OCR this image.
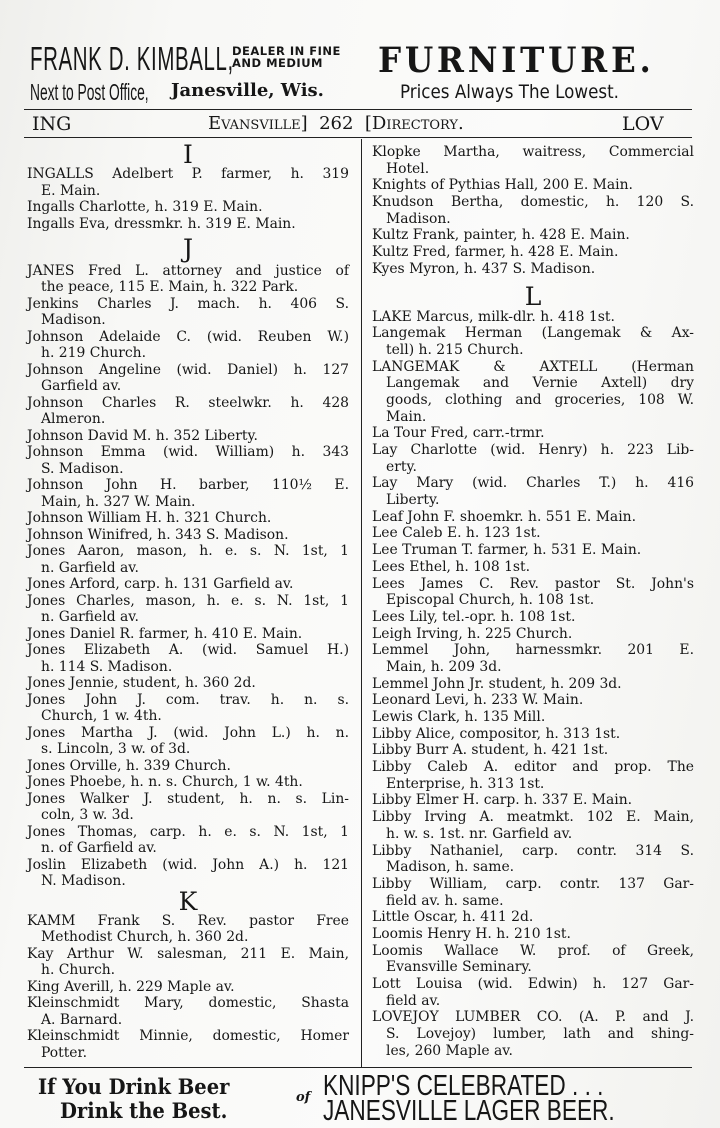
FRANK D. KIMBALL,
DEALER IN FINE
AND MEDIUM	FURNITURE.
Next to Post Office, Janesville, Wis.	Prices Always The Lowest.
ING	Evansville] 262 [Directory.	LOV
I
INGALLS Adelbert P. farmer, h. 319
E. Main.
Ingalls Charlotte, h. 319 E. Main.
Ingalls Eva, dressmkr. h. 319 E. Main.
J
JANES Fred L. attorney and justice of
the peace, 115 E. Main, h. 322 Park.
Jenkins Charles J. mach. h. 406 S.
Madison.
Johnson Adelaide C. (wid. Reuben W.)
h. 219 Church.
Johnson Angeline (wid. Daniel) h. 127
Garfield av.
Johnson Charles R. steelwkr. h. 428
Almeron.
Johnson David M. h. 352 Liberty.
Johnson Emma (wid. William) h. 343
S. Madison.
Johnson John H. barber, 110½ E.
Main, h. 327 W. Main.
Johnson William H. h. 321 Church.
Johnson Winifred, h. 343 S. Madison.
Jones Aaron, mason, h. e. s. N. 1st, 1
n. Garfield av.
Jones Arford, carp. h. 131 Garfield av.
Jones Charles, mason, h. e. s. N. 1st, 1
n. Garfield av.
Jones Daniel R. farmer, h. 410 E. Main.
Jones Elizabeth A. (wid. Samuel H.)
h. 114 S. Madison.
Jones Jennie, student, h. 360 2d.
Jones John J. com. trav. h. n. s.
Church, 1 w. 4th.
Jones Martha J. (wid. John L.) h. n.
s. Lincoln, 3 w. of 3d.
Jones Orville, h. 339 Church.
Jones Phoebe, h. n. s. Church, 1 w. 4th.
Jones Walker J. student, h. n. s. Lin-
coln, 3 w. 3d.
Jones Thomas, carp. h. e. s. N. 1st, 1
n. of Garfield av.
Joslin Elizabeth (wid. John A.) h. 121
N. Madison.
K
KAMM Frank S. Rev. pastor Free
Methodist Church, h. 360 2d.
Kay Arthur W. salesman, 211 E. Main,
h. Church.
King Averill, h. 229 Maple av.
Kleinschmidt Mary, domestic, Shasta
A. Barnard.
Kleinschmidt Minnie, domestic, Homer
Potter.
Klopke Martha, waitress, Commercial
Hotel.
Knights of Pythias Hall, 200 E. Main.
Knudson Bertha, domestic, h. 120 S.
Madison.
Kultz Frank, painter, h. 428 E. Main.
Kultz Fred, farmer, h. 428 E. Main.
Kyes Myron, h. 437 S. Madison.
L
LAKE Marcus, milk-dlr. h. 418 1st.
Langemak Herman (Langemak & Ax-
tell) h. 215 Church.
LANGEMAK & AXTELL (Herman
Langemak and Vernie Axtell) dry
goods, clothing and groceries, 108 W.
Main.
La Tour Fred, carr.-trmr.
Lay Charlotte (wid. Henry) h. 223 Lib-
erty.
Lay Mary (wid. Charles T.) h. 416
Liberty.
Leaf John F. shoemkr. h. 551 E. Main.
Lee Caleb E. h. 123 1st.
Lee Truman T. farmer, h. 531 E. Main.
Lees Ethel, h. 108 1st.
Lees James C. Rev. pastor St. John's
Episcopal Church, h. 108 1st.
Lees Lily, tel.-opr. h. 108 1st.
Leigh Irving, h. 225 Church.
Lemmel John, harnessmkr. 201 E.
Main, h. 209 3d.
Lemmel John Jr. student, h. 209 3d.
Leonard Levi, h. 233 W. Main.
Lewis Clark, h. 135 Mill.
Libby Alice, compositor, h. 313 1st.
Libby Burr A. student, h. 421 1st.
Libby Caleb A. editor and prop. The
Enterprise, h. 313 1st.
Libby Elmer H. carp. h. 337 E. Main.
Libby Irving A. meatmkt. 102 E. Main,
h. w. s. 1st. nr. Garfield av.
Libby Nathaniel, carp. contr. 314 S.
Madison, h. same.
Libby William, carp. contr. 137 Gar-
field av. h. same.
Little Oscar, h. 411 2d.
Loomis Henry H. h. 210 1st.
Loomis Wallace W. prof. of Greek,
Evansville Seminary.
Lott Louisa (wid. Edwin) h. 127 Gar-
field av.
LOVEJOY LUMBER CO. (A. P. and J.
S. Lovejoy) lumber, lath and shing-
les, 260 Maple av.
If You Drink Beer
Drink the Best.
of KNIPP'S CELEBRATED . . .
JANESVILLE LAGER BEER.
